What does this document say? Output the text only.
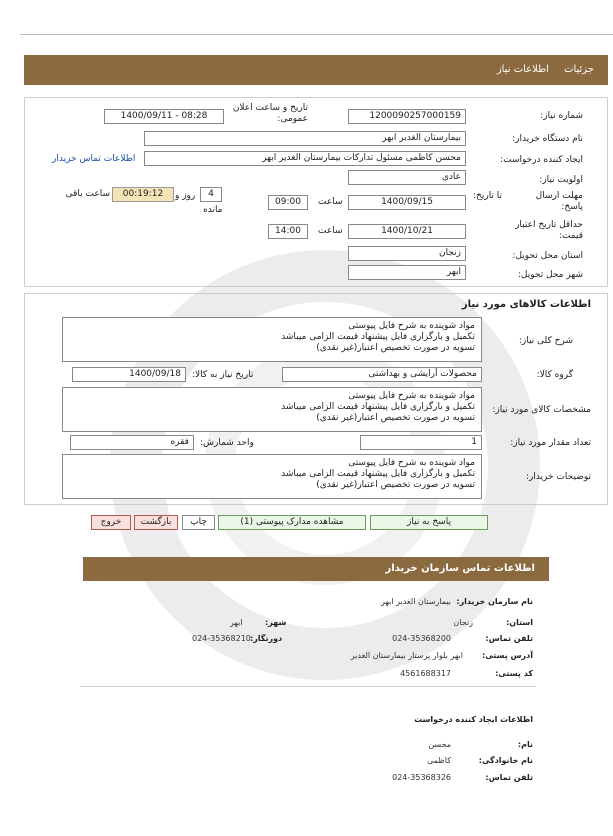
جزئیات اطلاعات نیاز
شماره نیاز:
1200090257000159
تاریخ و ساعت اعلان عمومی:
1400/09/11 - 08:28
نام دستگاه خریدار:
بیمارستان الغدیر ابهر
ایجاد کننده درخواست:
محسن کاظمی مسئول تدارکات بیمارستان الغدیر ابهر
اطلاعات تماس خریدار
اولویت نیاز:
عادی
مهلت ارسال پاسخ:
تا تاریخ:
1400/09/15
ساعت
09:00
4
روز و
00:19:12
ساعت باقی
مانده
حداقل تاریخ اعتبار قیمت:
1400/10/21
ساعت
14:00
استان محل تحویل:
زنجان
شهر محل تحویل:
ابهر
اطلاعات کالاهای مورد نیاز
شرح کلی نیاز:
مواد شوینده به شرح فایل پیوستی
تکمیل و بارگزاری فایل پیشنهاد قیمت الزامی میباشد
تسویه در صورت تخصیص اعتبار(غیر نقدی)
گروه کالا:
محصولات آرایشی و بهداشتی
تاریخ نیاز به کالا:
1400/09/18
مشخصات کالای مورد نیاز:
مواد شوینده به شرح فایل پیوستی
تکمیل و بارگزاری فایل پیشنهاد قیمت الزامی میباشد
تسویه در صورت تخصیص اعتبار(غیر نقدی)
تعداد مقدار مورد نیاز:
1
واحد شمارش:
فقره
توضیحات خریدار:
مواد شوینده به شرح فایل پیوستی
تکمیل و بارگزاری فایل پیشنهاد قیمت الزامی میباشد
تسویه در صورت تخصیص اعتبار(غیر نقدی)
پاسخ به نیاز
مشاهده مدارک پیوستی (1)
چاپ
بازگشت
خروج
اطلاعات تماس سازمان خریدار
نام سازمان خریدار:
بیمارستان الغدیر ابهر
استان:
زنجان
شهر:
ابهر
تلفن تماس:
024-35368200
دورنگار:
024-35368210
آدرس پستی:
ابهر بلوار پرستار بیمارستان الغدیر
کد پستی:
4561688317
اطلاعات ایجاد کننده درخواست
نام:
محسن
نام خانوادگی:
کاظمی
تلفن تماس:
024-35368326
